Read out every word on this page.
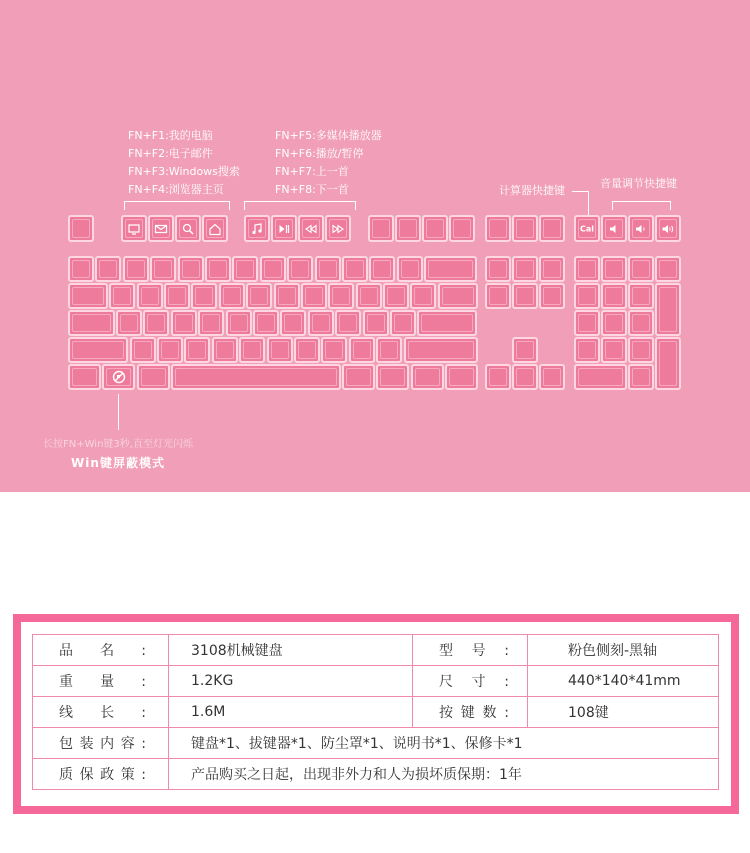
FN+F1:我的电脑
FN+F2:电子邮件
FN+F3:Windows搜索
FN+F4:浏览器主页
FN+F5:多媒体播放器
FN+F6:播放/暂停
FN+F7:上一首
FN+F8:下一首	计算器快捷键
音量调节快捷键
长按FN+Win键3秒,直至灯光闪烁
Win键屏蔽模式
Cal
品名:	3108机械键盘	型号:	粉色侧刻-黑轴

重量:	1.2KG	尺寸:	440*140*41mm

线长:	1.6M	按键数:	108键

包装内容:	键盘*1、拔键器*1、防尘罩*1、说明书*1、保修卡*1		

质保政策:	产品购买之日起，出现非外力和人为损坏质保期：1年		
